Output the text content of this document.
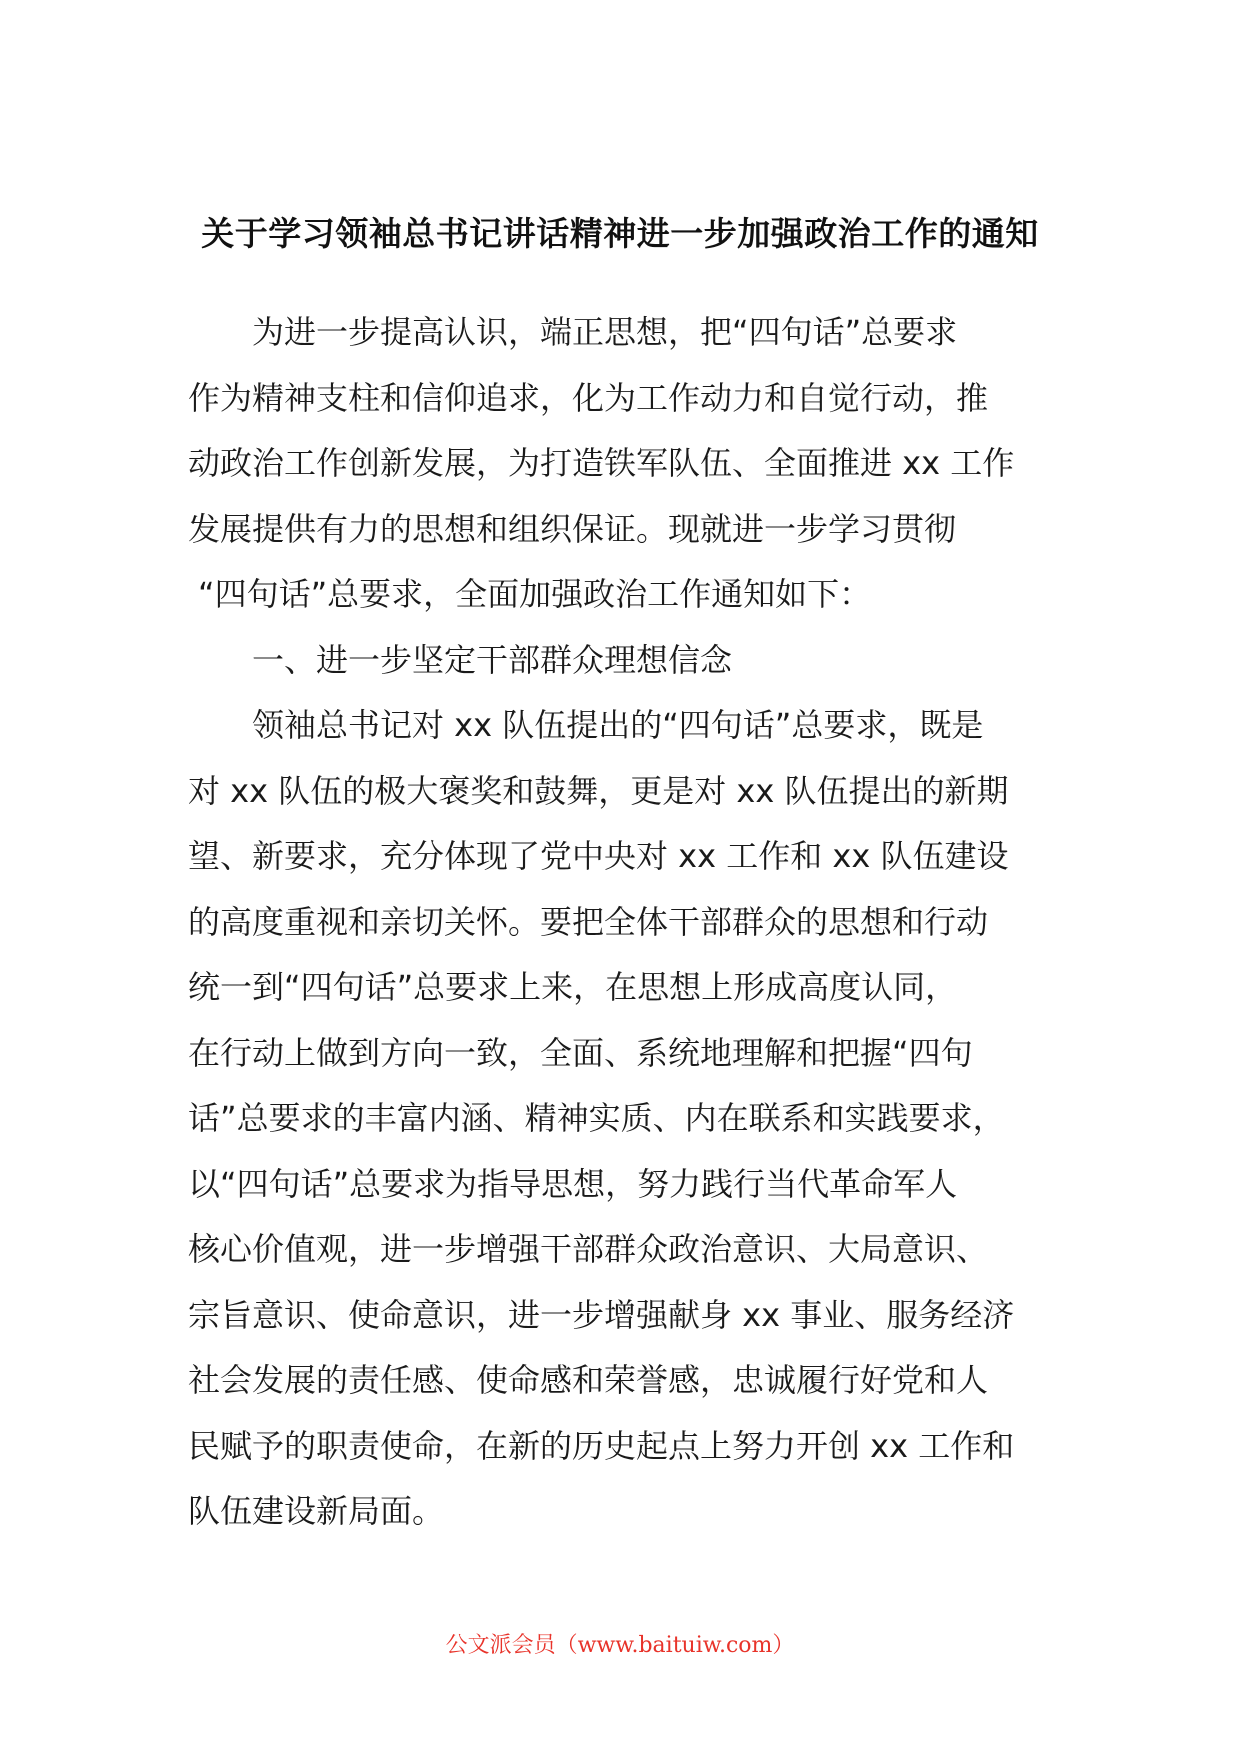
关于学习领袖总书记讲话精神进一步加强政治工作的通知
为进一步提高认识，端正思想，把“四句话”总要求
作为精神支柱和信仰追求，化为工作动力和自觉行动，推
动政治工作创新发展，为打造铁军队伍、全面推进 xx 工作
发展提供有力的思想和组织保证。现就进一步学习贯彻
“四句话”总要求，全面加强政治工作通知如下：
一、进一步坚定干部群众理想信念
领袖总书记对 xx 队伍提出的“四句话”总要求，既是
对 xx 队伍的极大褒奖和鼓舞，更是对 xx 队伍提出的新期
望、新要求，充分体现了党中央对 xx 工作和 xx 队伍建设
的高度重视和亲切关怀。要把全体干部群众的思想和行动
统一到“四句话”总要求上来，在思想上形成高度认同，
在行动上做到方向一致，全面、系统地理解和把握“四句
话”总要求的丰富内涵、精神实质、内在联系和实践要求，
以“四句话”总要求为指导思想，努力践行当代革命军人
核心价值观，进一步增强干部群众政治意识、大局意识、
宗旨意识、使命意识，进一步增强献身 xx 事业、服务经济
社会发展的责任感、使命感和荣誉感，忠诚履行好党和人
民赋予的职责使命，在新的历史起点上努力开创 xx 工作和
队伍建设新局面。
公文派会员（www.baituiw.com）
